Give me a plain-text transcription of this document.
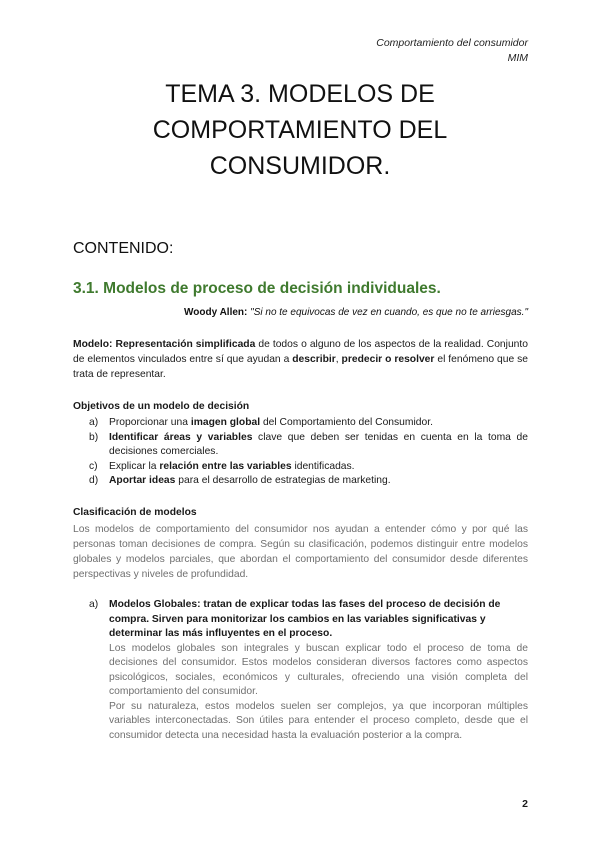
Comportamiento del consumidor
MIM
TEMA 3. MODELOS DE
COMPORTAMIENTO DEL
CONSUMIDOR.
CONTENIDO:
3.1. Modelos de proceso de decisión individuales.
Woody Allen: "Si no te equivocas de vez en cuando, es que no te arriesgas."
Modelo: Representación simplificada de todos o alguno de los aspectos de la realidad. Conjunto de elementos vinculados entre sí que ayudan a describir, predecir o resolver el fenómeno que se trata de representar.
Objetivos de un modelo de decisión
a) Proporcionar una imagen global del Comportamiento del Consumidor.
b) Identificar áreas y variables clave que deben ser tenidas en cuenta en la toma de decisiones comerciales.
c) Explicar la relación entre las variables identificadas.
d) Aportar ideas para el desarrollo de estrategias de marketing.
Clasificación de modelos
Los modelos de comportamiento del consumidor nos ayudan a entender cómo y por qué las personas toman decisiones de compra. Según su clasificación, podemos distinguir entre modelos globales y modelos parciales, que abordan el comportamiento del consumidor desde diferentes perspectivas y niveles de profundidad.
a) Modelos Globales: tratan de explicar todas las fases del proceso de decisión de compra. Sirven para monitorizar los cambios en las variables significativas y determinar las más influyentes en el proceso.
Los modelos globales son integrales y buscan explicar todo el proceso de toma de decisiones del consumidor. Estos modelos consideran diversos factores como aspectos psicológicos, sociales, económicos y culturales, ofreciendo una visión completa del comportamiento del consumidor.
Por su naturaleza, estos modelos suelen ser complejos, ya que incorporan múltiples variables interconectadas. Son útiles para entender el proceso completo, desde que el consumidor detecta una necesidad hasta la evaluación posterior a la compra.
2
